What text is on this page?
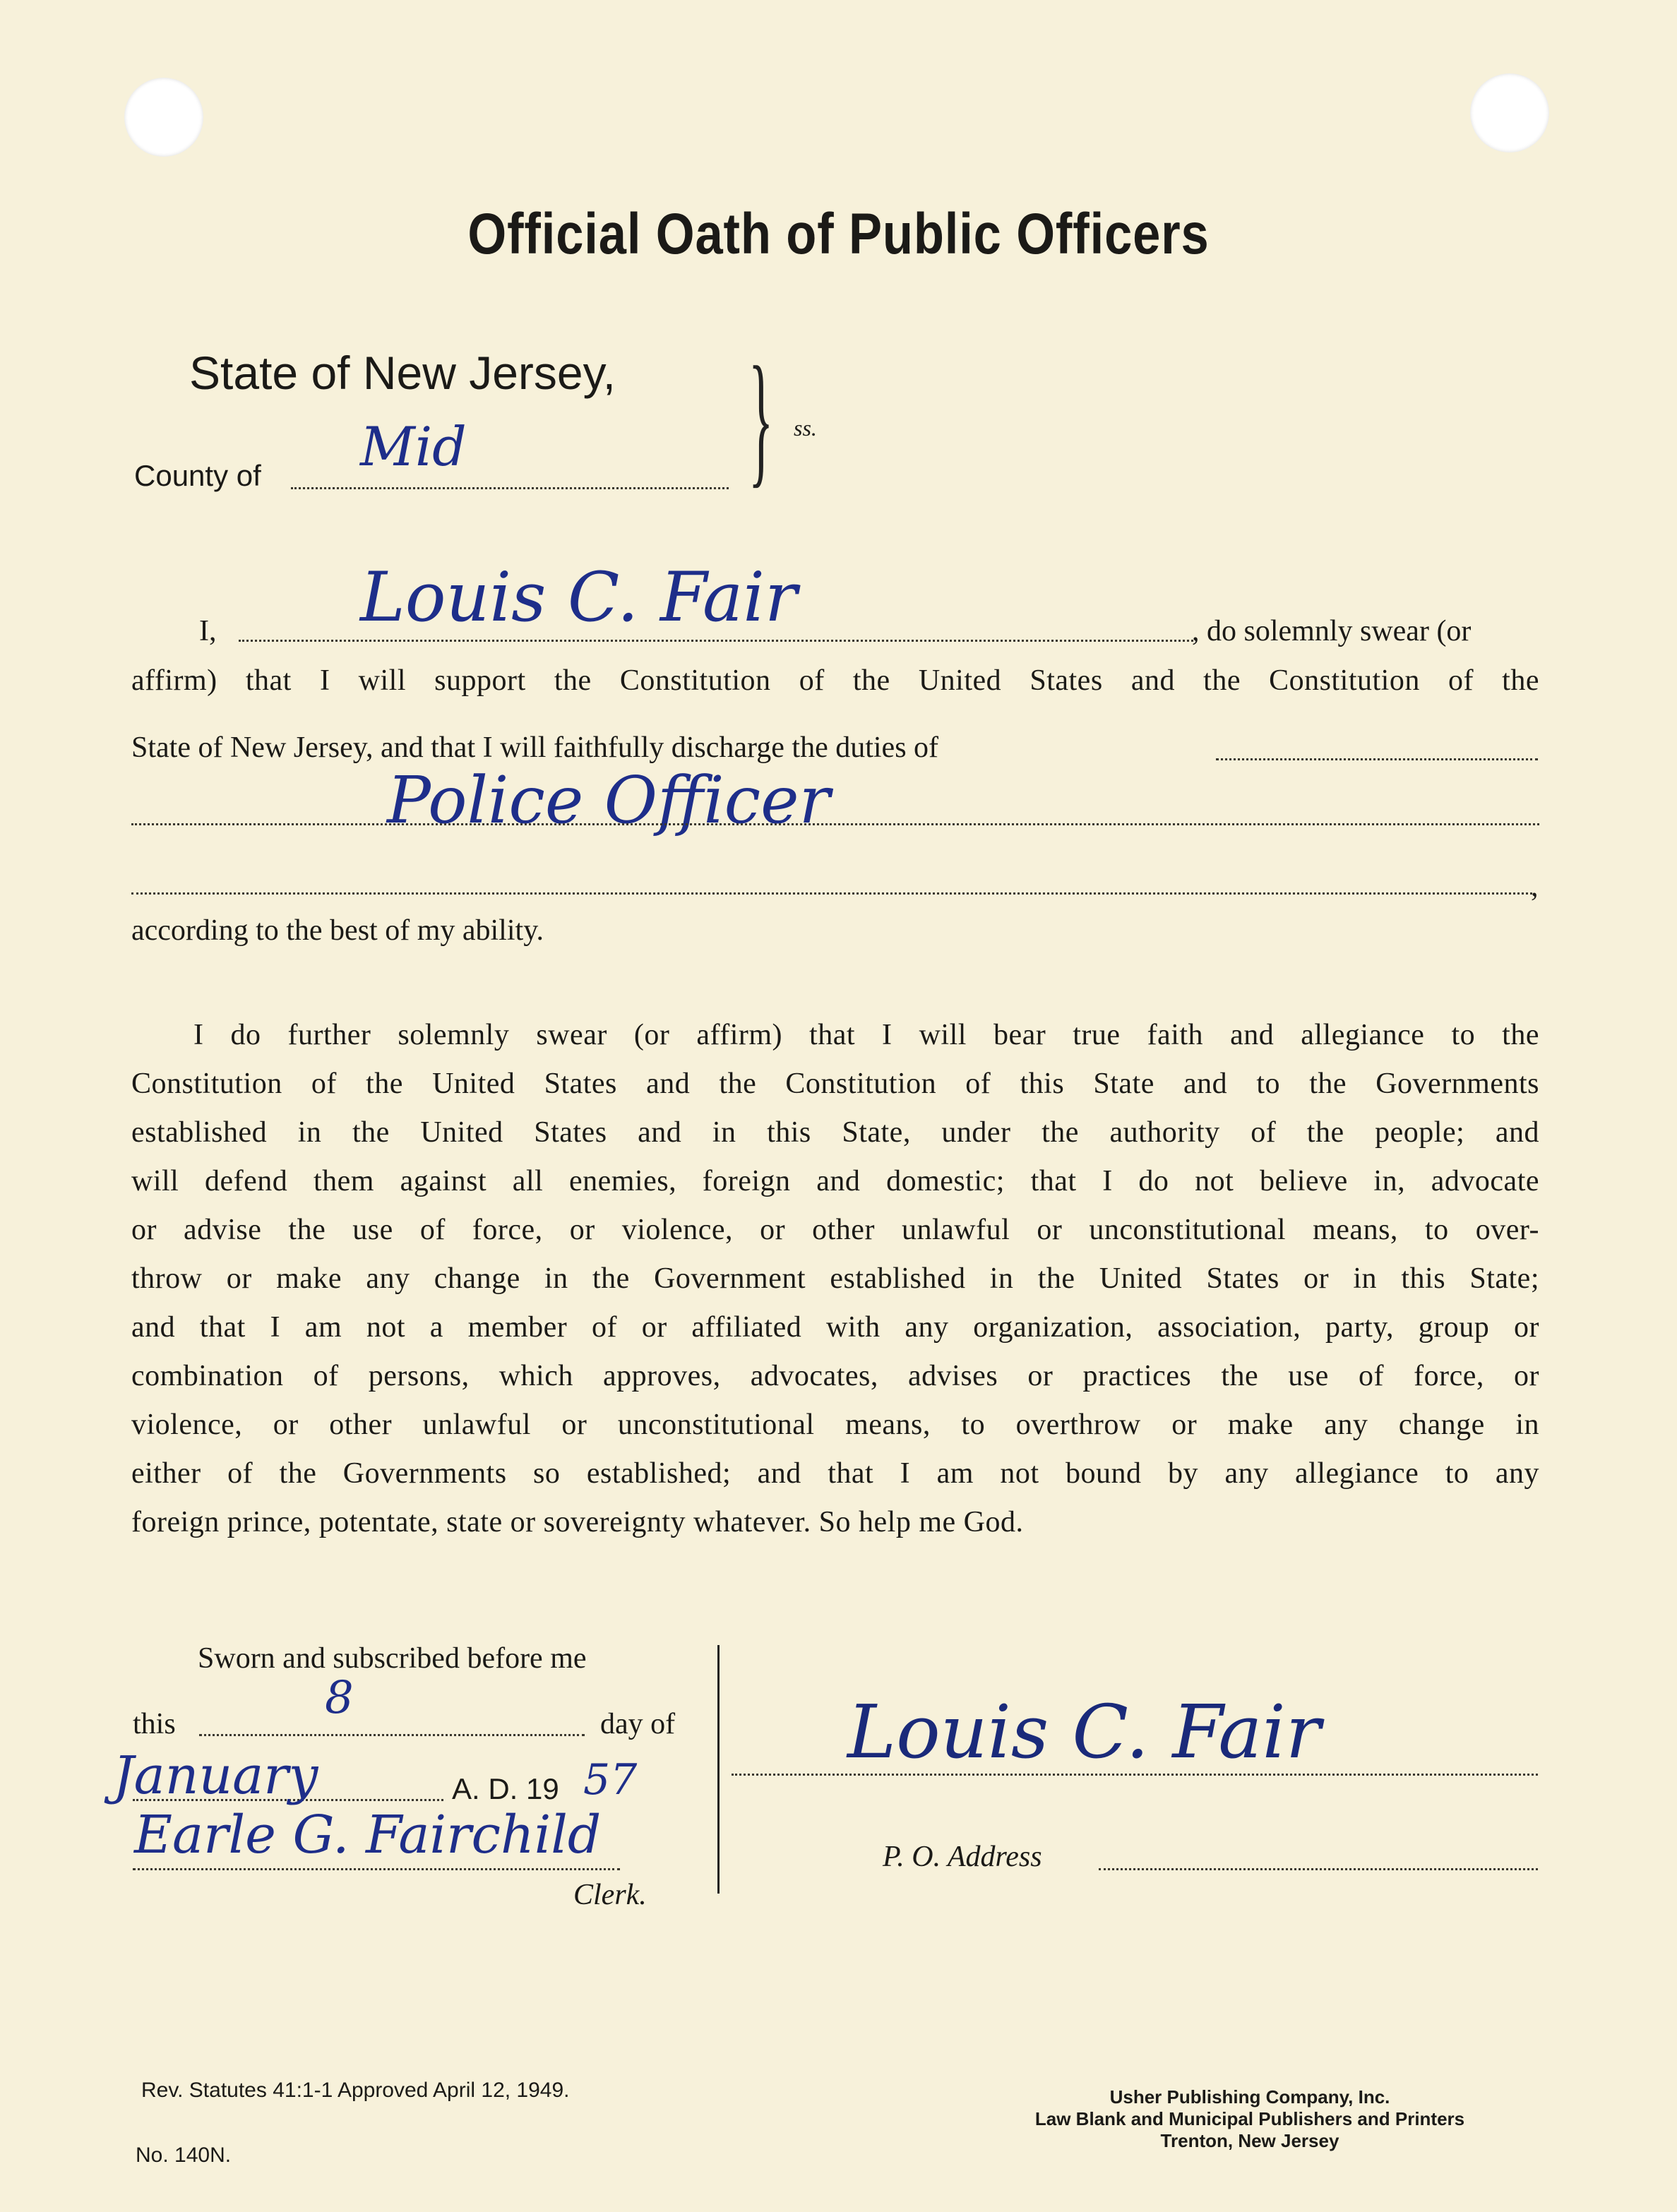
Official Oath of Public Officers
State of New Jersey,
County of Mid } ss.
I, Louis C. Fair	, do solemnly swear (or

affirm) that I will support the Constitution of the United States and the Constitution of the

State of New Jersey, and that I will faithfully discharge the duties of
Police Officer
,
according to the best of my ability.

I do further solemnly swear (or affirm) that I will bear true faith and allegiance to the

Constitution of the United States and the Constitution of this State and to the Governments

established in the United States and in this State, under the authority of the people; and

will defend them against all enemies, foreign and domestic; that I do not believe in, advocate

or advise the use of force, or violence, or other unlawful or unconstitutional means, to over-

throw or make any change in the Government established in the United States or in this State;

and that I am not a member of or affiliated with any organization, association, party, group or

combination of persons, which approves, advocates, advises or practices the use of force, or

violence, or other unlawful or unconstitutional means, to overthrow or make any change in

either of the Governments so established; and that I am not bound by any allegiance to any

foreign prince, potentate, state or sovereignty whatever. So help me God.

Sworn and subscribed before me
this	8	day of
January	A. D. 19 57
Earle G. Fairchild
Clerk.
Louis C. Fair
P. O. Address
Rev. Statutes 41:1-1 Approved April 12, 1949.
No. 140N.
Usher Publishing Company, Inc.
Law Blank and Municipal Publishers and Printers
Trenton, New Jersey
